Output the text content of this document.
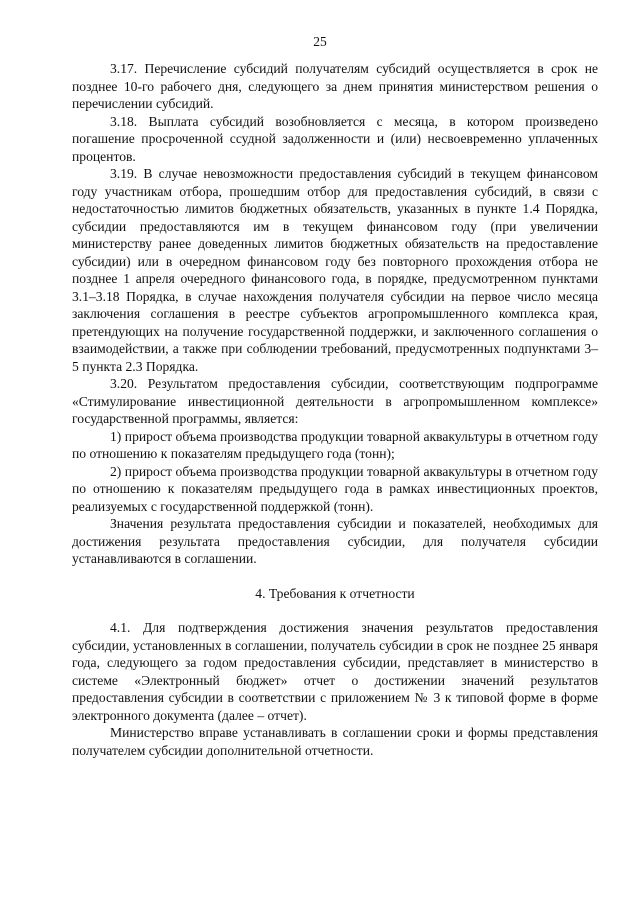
25

3.17. Перечисление субсидий получателям субсидий осуществляется в срок не позднее 10-го рабочего дня, следующего за днем принятия министерством решения о перечислении субсидий.

3.18. Выплата субсидий возобновляется с месяца, в котором произведено погашение просроченной ссудной задолженности и (или) несвоевременно уплаченных процентов.

3.19. В случае невозможности предоставления субсидий в текущем финансовом году участникам отбора, прошедшим отбор для предоставления субсидий, в связи с недостаточностью лимитов бюджетных обязательств, указанных в пункте 1.4 Порядка, субсидии предоставляются им в текущем финансовом году (при увеличении министерству ранее доведенных лимитов бюджетных обязательств на предоставление субсидии) или в очередном финансовом году без повторного прохождения отбора не позднее 1 апреля очередного финансового года, в порядке, предусмотренном пунктами 3.1–3.18 Порядка, в случае нахождения получателя субсидии на первое число месяца заключения соглашения в реестре субъектов агропромышленного комплекса края, претендующих на получение государственной поддержки, и заключенного соглашения о взаимодействии, а также при соблюдении требований, предусмотренных подпунктами 3–5 пункта 2.3 Порядка.

3.20. Результатом предоставления субсидии, соответствующим подпрограмме «Стимулирование инвестиционной деятельности в агропромышленном комплексе» государственной программы, является:

1) прирост объема производства продукции товарной аквакультуры в отчетном году по отношению к показателям предыдущего года (тонн);

2) прирост объема производства продукции товарной аквакультуры в отчетном году по отношению к показателям предыдущего года в рамках инвестиционных проектов, реализуемых с государственной поддержкой (тонн).

Значения результата предоставления субсидии и показателей, необходимых для достижения результата предоставления субсидии, для получателя субсидии устанавливаются в соглашении.

4. Требования к отчетности

4.1. Для подтверждения достижения значения результатов предоставления субсидии, установленных в соглашении, получатель субсидии в срок не позднее 25 января года, следующего за годом предоставления субсидии, представляет в министерство в системе «Электронный бюджет» отчет о достижении значений результатов предоставления субсидии в соответствии с приложением № 3 к типовой форме в форме электронного документа (далее – отчет).

Министерство вправе устанавливать в соглашении сроки и формы представления получателем субсидии дополнительной отчетности.
